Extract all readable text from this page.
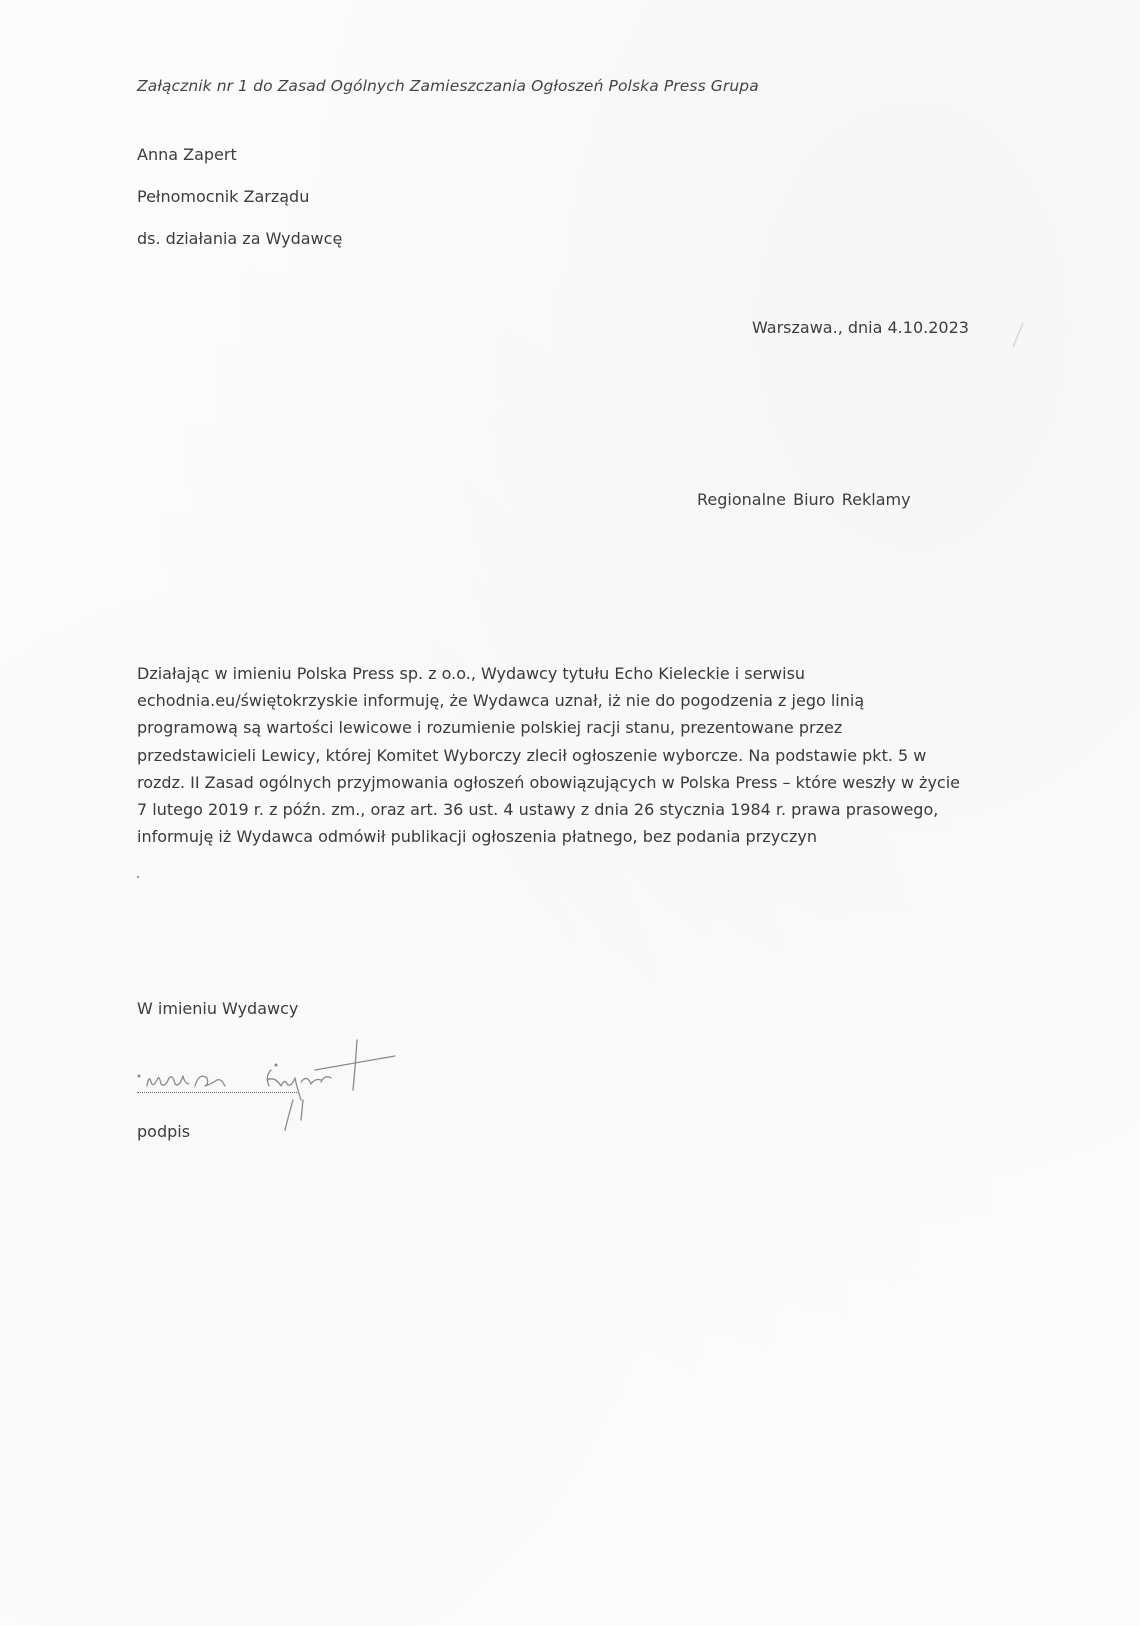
Załącznik nr 1 do Zasad Ogólnych Zamieszczania Ogłoszeń Polska Press Grupa
Anna Zapert
Pełnomocnik Zarządu
ds. działania za Wydawcę
Warszawa., dnia 4.10.2023
Regionalne Biuro Reklamy
Działając w imieniu Polska Press sp. z o.o., Wydawcy tytułu Echo Kieleckie i serwisu
echodnia.eu/świętokrzyskie informuję, że Wydawca uznał, iż nie do pogodzenia z jego linią
programową są wartości lewicowe i rozumienie polskiej racji stanu, prezentowane przez
przedstawicieli Lewicy, której Komitet Wyborczy zlecił ogłoszenie wyborcze. Na podstawie pkt. 5 w
rozdz. II Zasad ogólnych przyjmowania ogłoszeń obowiązujących w Polska Press – które weszły w życie
7 lutego 2019 r. z późn. zm., oraz art. 36 ust. 4 ustawy z dnia 26 stycznia 1984 r. prawa prasowego,
informuję iż Wydawca odmówił publikacji ogłoszenia płatnego, bez podania przyczyn
W imieniu Wydawcy
podpis
